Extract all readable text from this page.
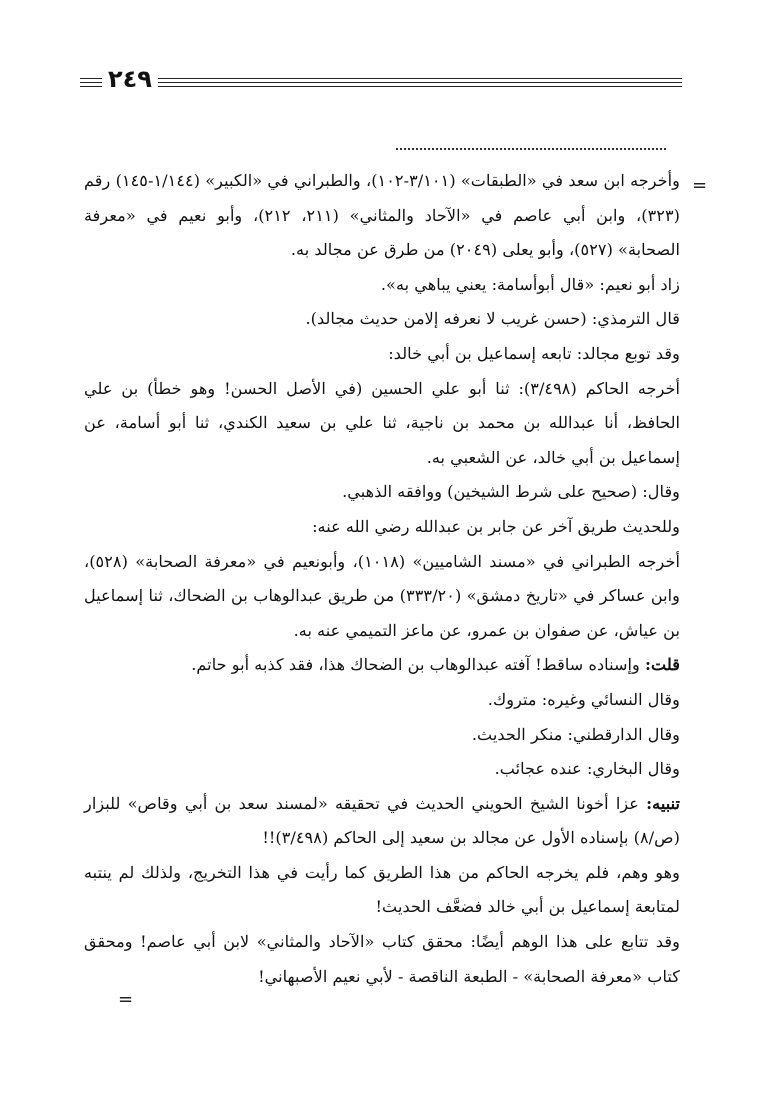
٢٤٩
=

وأخرجه ابن سعد في «الطبقات» (٣/١٠١-١٠٢)، والطبراني في «الكبير» (١/١٤٤-١٤٥) رقم (٣٢٣)، وابن أبي عاصم في «الآحاد والمثاني» (٢١١، ٢١٢)، وأبو نعيم في «معرفة الصحابة» (٥٢٧)، وأبو يعلى (٢٠٤٩) من طرق عن مجالد به.

زاد أبو نعيم: «قال أبوأسامة: يعني يباهي به».

قال الترمذي: (حسن غريب لا نعرفه إلامن حديث مجالد).

وقد توبع مجالد: تابعه إسماعيل بن أبي خالد:

أخرجه الحاكم (٣/٤٩٨): ثنا أبو علي الحسين (في الأصل الحسن! وهو خطأ) بن علي الحافظ، أنا عبدالله بن محمد بن ناجية، ثنا علي بن سعيد الكندي، ثنا أبو أسامة، عن إسماعيل بن أبي خالد، عن الشعبي به.

وقال: (صحيح على شرط الشيخين) ووافقه الذهبي.

وللحديث طريق آخر عن جابر بن عبدالله رضي الله عنه:

أخرجه الطبراني في «مسند الشاميين» (١٠١٨)، وأبونعيم في «معرفة الصحابة» (٥٢٨)، وابن عساكر في «تاريخ دمشق» (٣٣٣/٢٠) من طريق عبدالوهاب بن الضحاك، ثنا إسماعيل بن عياش، عن صفوان بن عمرو، عن ماعز التميمي عنه به.

قلت: وإسناده ساقط! آفته عبدالوهاب بن الضحاك هذا، فقد كذبه أبو حاتم.

وقال النسائي وغيره: متروك.

وقال الدارقطني: منكر الحديث.

وقال البخاري: عنده عجائب.

تنبيه: عزا أخونا الشيخ الحويني الحديث في تحقيقه «لمسند سعد بن أبي وقاص» للبزار (ص/٨) بإسناده الأول عن مجالد بن سعيد إلى الحاكم (٣/٤٩٨)!!

وهو وهم، فلم يخرجه الحاكم من هذا الطريق كما رأيت في هذا التخريج، ولذلك لم ينتبه لمتابعة إسماعيل بن أبي خالد فضعَّف الحديث!

وقد تتابع على هذا الوهم أيضًا: محقق كتاب «الآحاد والمثاني» لابن أبي عاصم! ومحقق كتاب «معرفة الصحابة» - الطبعة الناقصة - لأبي نعيم الأصبهاني!

=
